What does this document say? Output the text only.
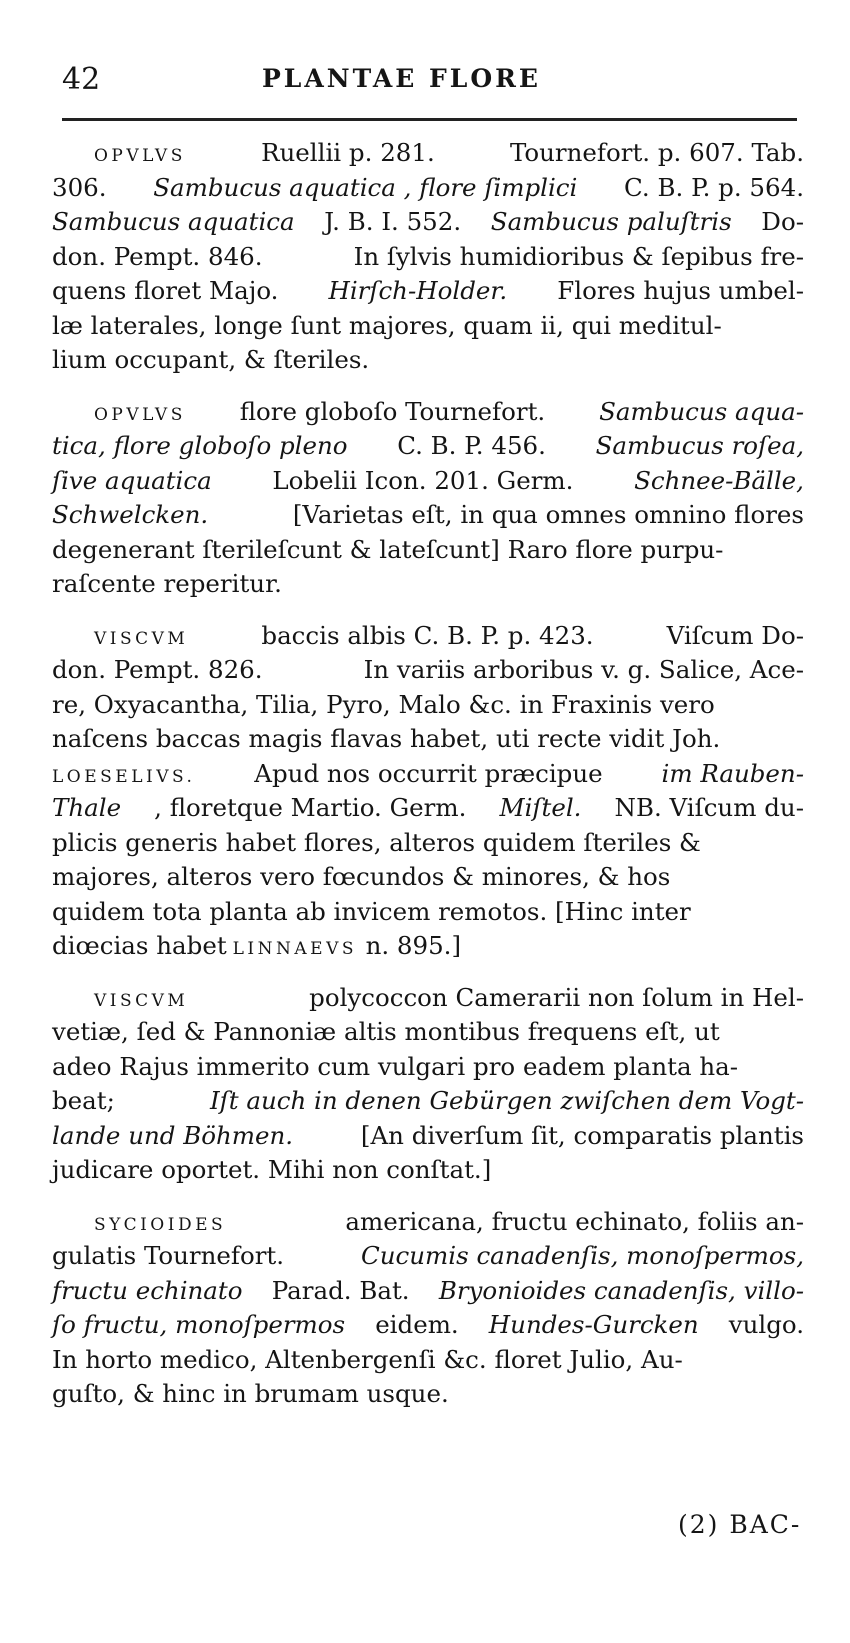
42	PLANTAE FLORE
OPVLVS	Ruellii p. 281.	Tournefort. p. 607. Tab.
306. Sambucus aquatica , flore ſimplici C. B. P. p. 564.
Sambucus aquatica J. B. I. 552. Sambucus paluſtris Do-
don. Pempt. 846.	In ſylvis humidioribus & ſepibus fre-
quens floret Majo. Hirſch-Holder. Flores hujus umbel-
læ laterales, longe ſunt majores, quam ii, qui meditul-
lium occupant, & ſteriles.
OPVLVS flore globoſo Tournefort. Sambucus aqua-
tica, flore globoſo pleno C. B. P. 456. Sambucus roſea,
ſive aquatica Lobelii Icon. 201. Germ. Schnee-Bälle,
Schwelcken.	[Varietas eſt, in qua omnes omnino flores
degenerant ſterileſcunt & lateſcunt] Raro flore purpu-
raſcente reperitur.
VISCVM	baccis albis C. B. P. p. 423.	Viſcum Do-
don. Pempt. 826.	In variis arboribus v. g. Salice, Ace-
re, Oxyacantha, Tilia, Pyro, Malo &c. in Fraxinis vero
naſcens baccas magis flavas habet, uti recte vidit Joh.
LOESELIVS. Apud nos occurrit præcipue im Rauben-
Thale , floretque Martio. Germ. Miſtel. NB. Viſcum du-
plicis generis habet flores, alteros quidem ſteriles &
majores, alteros vero fœcundos & minores, & hos
quidem tota planta ab invicem remotos. [Hinc inter
diœcias habet LINNAEVS n. 895.]
VISCVM	polycoccon Camerarii non ſolum in Hel-
vetiæ, ſed & Pannoniæ altis montibus frequens eſt, ut
adeo Rajus immerito cum vulgari pro eadem planta ha-
beat;	Iſt auch in denen Gebürgen zwiſchen dem Vogt-
lande und Böhmen.	[An diverſum ſit, comparatis plantis
judicare oportet. Mihi non conſtat.]
SYCIOIDES	americana, fructu echinato, foliis an-
gulatis Tournefort.	Cucumis canadenſis, monoſpermos,
fructu echinato Parad. Bat. Bryonioides canadenſis, villo-
ſo fructu, monoſpermos eidem. Hundes-Gurcken vulgo.
In horto medico, Altenbergenſi &c. floret Julio, Au-
guſto, & hinc in brumam usque.
(2) BAC-
